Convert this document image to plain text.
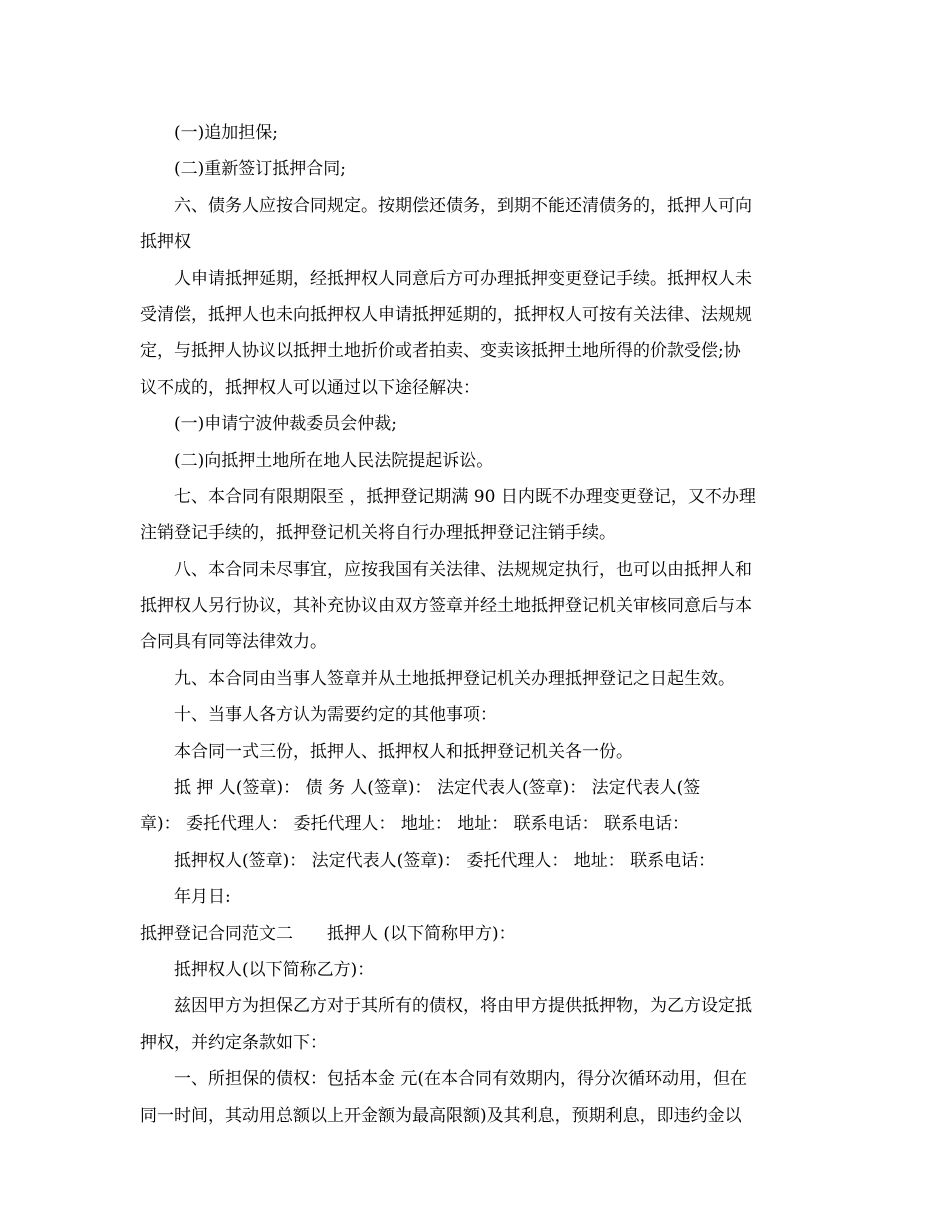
(一)追加担保;
(二)重新签订抵押合同;
六、债务人应按合同规定。按期偿还债务，到期不能还清债务的，抵押人可向
抵押权
人申请抵押延期，经抵押权人同意后方可办理抵押变更登记手续。抵押权人未
受清偿，抵押人也未向抵押权人申请抵押延期的，抵押权人可按有关法律、法规规
定，与抵押人协议以抵押土地折价或者拍卖、变卖该抵押土地所得的价款受偿;协
议不成的，抵押权人可以通过以下途径解决：
(一)申请宁波仲裁委员会仲裁;
(二)向抵押土地所在地人民法院提起诉讼。
七、本合同有限期限至 ，抵押登记期满 90 日内既不办理变更登记，又不办理
注销登记手续的，抵押登记机关将自行办理抵押登记注销手续。
八、本合同未尽事宜，应按我国有关法律、法规规定执行，也可以由抵押人和
抵押权人另行协议，其补充协议由双方签章并经土地抵押登记机关审核同意后与本
合同具有同等法律效力。
九、本合同由当事人签章并从土地抵押登记机关办理抵押登记之日起生效。
十、当事人各方认为需要约定的其他事项：
本合同一式三份，抵押人、抵押权人和抵押登记机关各一份。
抵 押 人(签章)： 债 务 人(签章)： 法定代表人(签章)： 法定代表人(签
章)： 委托代理人： 委托代理人： 地址： 地址： 联系电话： 联系电话：
抵押权人(签章)： 法定代表人(签章)： 委托代理人： 地址： 联系电话：
年月日:
抵押登记合同范文二　　抵押人 (以下简称甲方)：
抵押权人(以下简称乙方)：
兹因甲方为担保乙方对于其所有的债权，将由甲方提供抵押物，为乙方设定抵
押权，并约定条款如下：
一、所担保的债权：包括本金 元(在本合同有效期内，得分次循环动用，但在
同一时间，其动用总额以上开金额为最高限额)及其利息，预期利息，即违约金以
